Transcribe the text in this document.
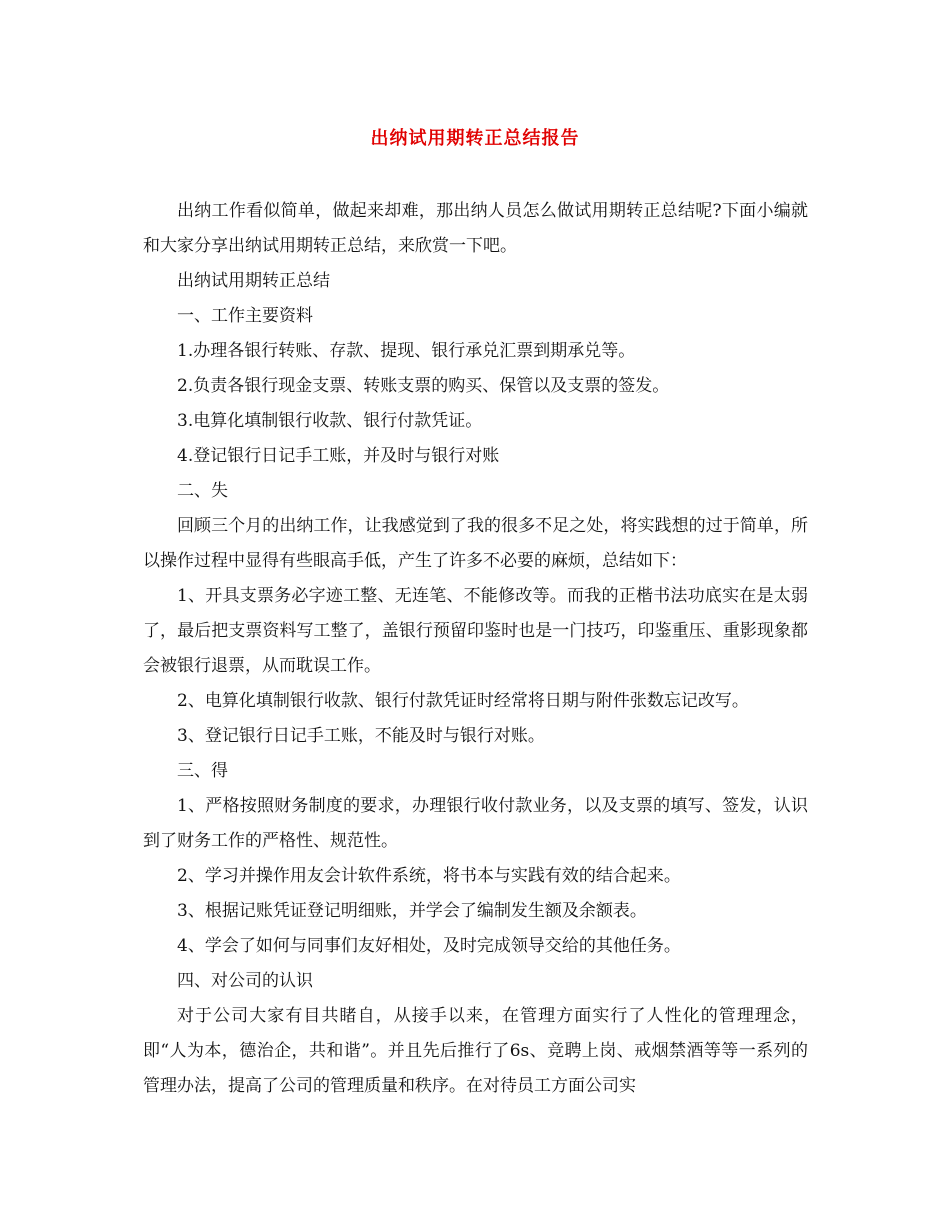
出纳试用期转正总结报告

出纳工作看似简单，做起来却难，那出纳人员怎么做试用期转正总结呢?下面小编就和大家分享出纳试用期转正总结，来欣赏一下吧。

出纳试用期转正总结

一、工作主要资料

1.办理各银行转账、存款、提现、银行承兑汇票到期承兑等。

2.负责各银行现金支票、转账支票的购买、保管以及支票的签发。

3.电算化填制银行收款、银行付款凭证。

4.登记银行日记手工账，并及时与银行对账

二、失

回顾三个月的出纳工作，让我感觉到了我的很多不足之处，将实践想的过于简单，所以操作过程中显得有些眼高手低，产生了许多不必要的麻烦，总结如下：

1、开具支票务必字迹工整、无连笔、不能修改等。而我的正楷书法功底实在是太弱了，最后把支票资料写工整了，盖银行预留印鉴时也是一门技巧，印鉴重压、重影现象都会被银行退票，从而耽误工作。

2、电算化填制银行收款、银行付款凭证时经常将日期与附件张数忘记改写。

3、登记银行日记手工账，不能及时与银行对账。

三、得

1、严格按照财务制度的要求，办理银行收付款业务，以及支票的填写、签发，认识到了财务工作的严格性、规范性。

2、学习并操作用友会计软件系统，将书本与实践有效的结合起来。

3、根据记账凭证登记明细账，并学会了编制发生额及余额表。

4、学会了如何与同事们友好相处，及时完成领导交给的其他任务。

四、对公司的认识

对于公司大家有目共睹自，从接手以来，在管理方面实行了人性化的管理理念，即“人为本，德治企，共和谐”。并且先后推行了6s、竞聘上岗、戒烟禁酒等等一系列的管理办法，提高了公司的管理质量和秩序。在对待员工方面公司实
